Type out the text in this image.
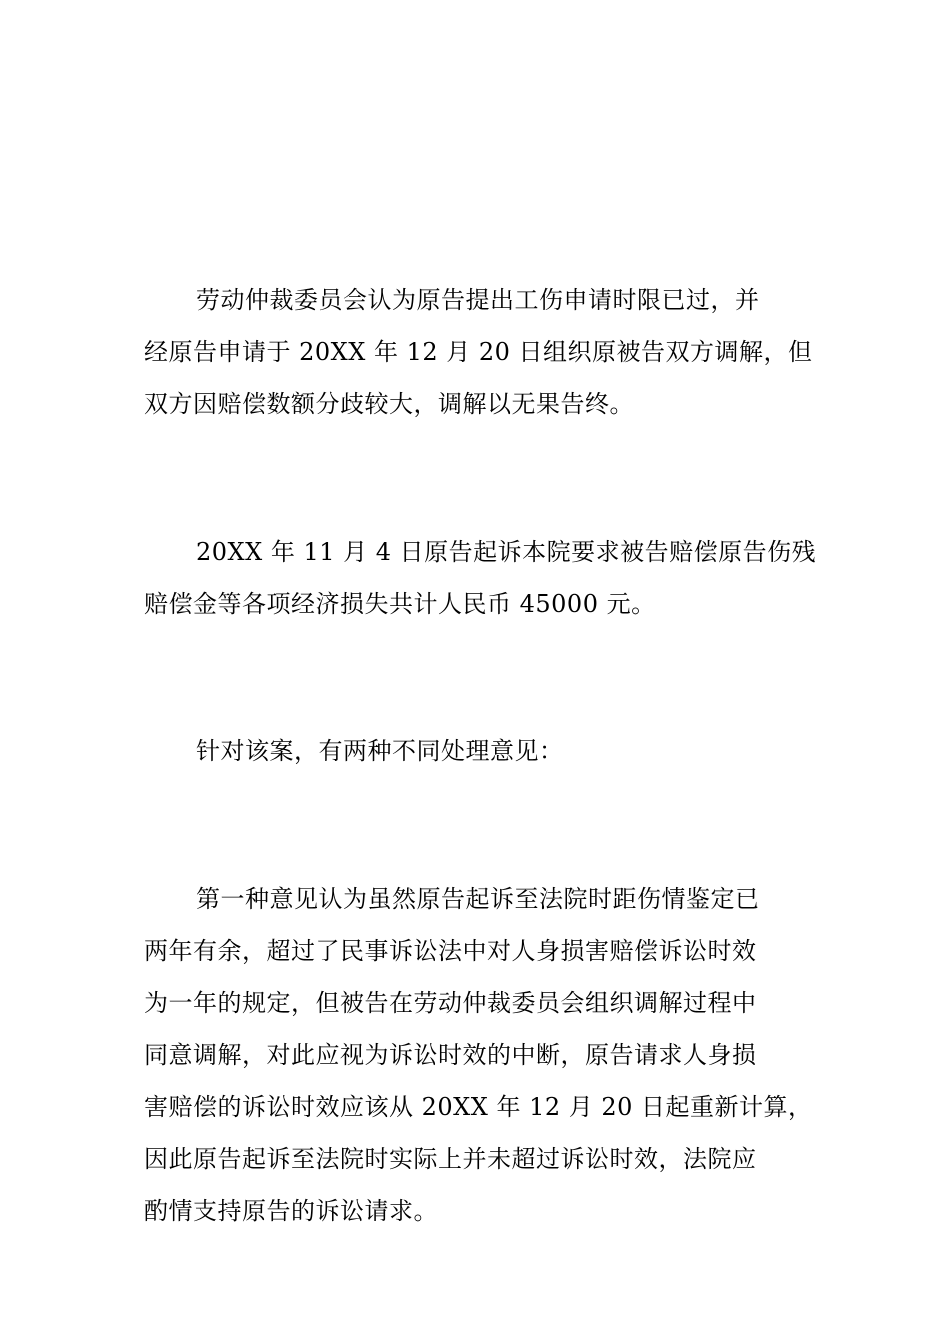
劳动仲裁委员会认为原告提出工伤申请时限已过，并
经原告申请于 20XX 年 12 月 20 日组织原被告双方调解，但
双方因赔偿数额分歧较大，调解以无果告终。
20XX 年 11 月 4 日原告起诉本院要求被告赔偿原告伤残
赔偿金等各项经济损失共计人民币 45000 元。
针对该案，有两种不同处理意见：
第一种意见认为虽然原告起诉至法院时距伤情鉴定已
两年有余，超过了民事诉讼法中对人身损害赔偿诉讼时效
为一年的规定，但被告在劳动仲裁委员会组织调解过程中
同意调解，对此应视为诉讼时效的中断，原告请求人身损
害赔偿的诉讼时效应该从 20XX 年 12 月 20 日起重新计算，
因此原告起诉至法院时实际上并未超过诉讼时效，法院应
酌情支持原告的诉讼请求。
